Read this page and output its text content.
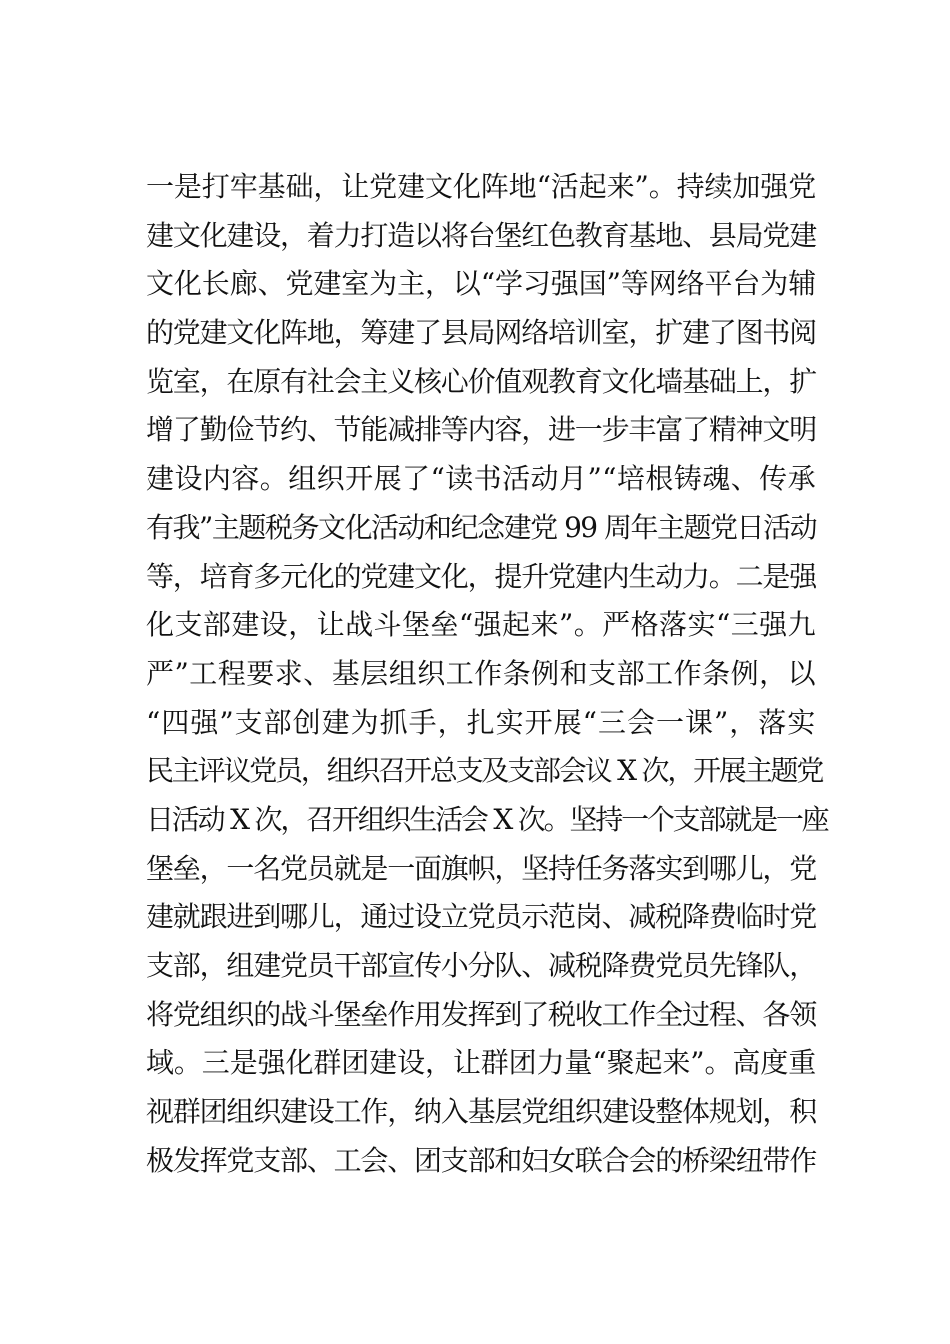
一是打牢基础，让党建文化阵地“活起来”。持续加强党
建文化建设，着力打造以将台堡红色教育基地、县局党建
文化长廊、党建室为主，以“学习强国”等网络平台为辅
的党建文化阵地，筹建了县局网络培训室，扩建了图书阅
览室，在原有社会主义核心价值观教育文化墙基础上，扩
增了勤俭节约、节能减排等内容，进一步丰富了精神文明
建设内容。组织开展了“读书活动月”“培根铸魂、传承
有我”主题税务文化活动和纪念建党 99 周年主题党日活动
等，培育多元化的党建文化，提升党建内生动力。二是强
化支部建设，让战斗堡垒“强起来”。严格落实“三强九
严”工程要求、基层组织工作条例和支部工作条例，以
“四强”支部创建为抓手，扎实开展“三会一课”，落实
民主评议党员，组织召开总支及支部会议 X 次，开展主题党
日活动 X 次，召开组织生活会 X 次。坚持一个支部就是一座
堡垒，一名党员就是一面旗帜，坚持任务落实到哪儿，党
建就跟进到哪儿，通过设立党员示范岗、减税降费临时党
支部，组建党员干部宣传小分队、减税降费党员先锋队，
将党组织的战斗堡垒作用发挥到了税收工作全过程、各领
域。三是强化群团建设，让群团力量“聚起来”。高度重
视群团组织建设工作，纳入基层党组织建设整体规划，积
极发挥党支部、工会、团支部和妇女联合会的桥梁纽带作
